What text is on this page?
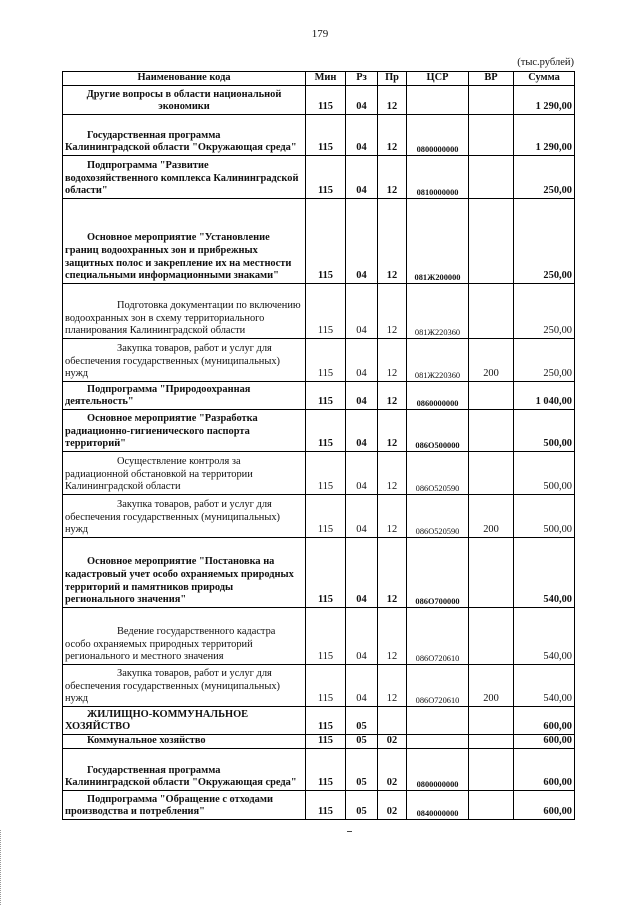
179
(тыс.рублей)
Наименование кода	Мин	Рз	Пр	ЦСР	ВР	Сумма
Другие вопросы в области национальной экономики	115	04	12			1 290,00
Государственная программа Калининградской области "Окружающая среда"	115	04	12	0800000000		1 290,00
Подпрограмма "Развитие водохозяйственного комплекса Калининградской области"	115	04	12	0810000000		250,00
Основное мероприятие "Установление границ водоохранных зон и прибрежных защитных полос и закрепление их на местности специальными информационными знаками"	115	04	12	081Ж200000		250,00
Подготовка документации по включению водоохранных зон в схему территориального планирования Калининградской области	115	04	12	081Ж220360		250,00
Закупка товаров, работ и услуг для обеспечения государственных (муниципальных) нужд	115	04	12	081Ж220360	200	250,00
Подпрограмма "Природоохранная деятельность"	115	04	12	0860000000		1 040,00
Основное мероприятие "Разработка радиационно-гигиенического паспорта территорий"	115	04	12	086О500000		500,00
Осуществление контроля за радиационной обстановкой на территории Калининградской области	115	04	12	086О520590		500,00
Закупка товаров, работ и услуг для обеспечения государственных (муниципальных) нужд	115	04	12	086О520590	200	500,00
Основное мероприятие "Постановка на кадастровый учет особо охраняемых природных территорий и памятников природы регионального значения"	115	04	12	086О700000		540,00
Ведение государственного кадастра особо охраняемых природных территорий регионального и местного значения	115	04	12	086О720610		540,00
Закупка товаров, работ и услуг для обеспечения государственных (муниципальных) нужд	115	04	12	086О720610	200	540,00
ЖИЛИЩНО-КОММУНАЛЬНОЕ ХОЗЯЙСТВО	115	05				600,00
Коммунальное хозяйство	115	05	02			600,00
Государственная программа Калининградской области "Окружающая среда"	115	05	02	0800000000		600,00
Подпрограмма "Обращение с отходами производства и потребления"	115	05	02	0840000000		600,00
